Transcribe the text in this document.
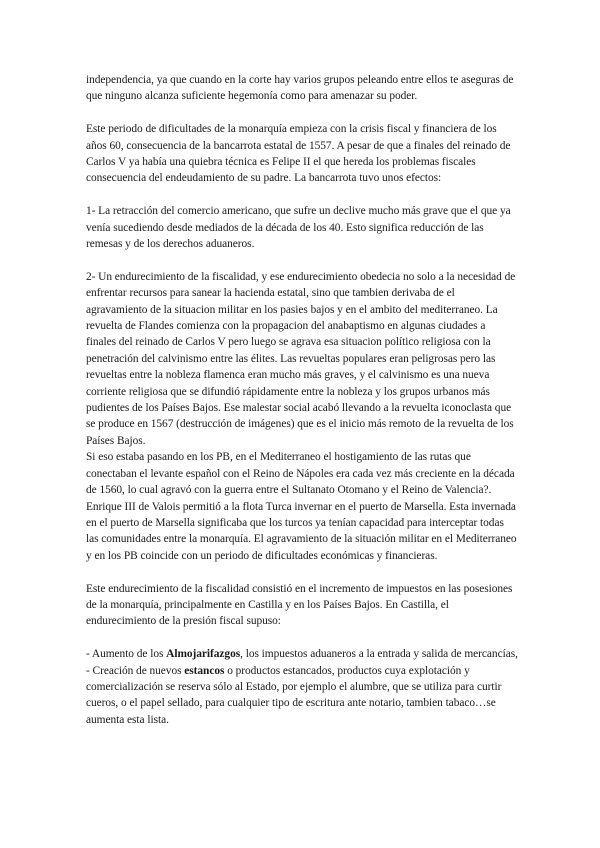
independencia, ya que cuando en la corte hay varios grupos peleando entre ellos te aseguras de que ninguno alcanza suficiente hegemonía como para amenazar su poder.

Este periodo de dificultades de la monarquía empieza con la crisis fiscal y financiera de los años 60, consecuencia de la bancarrota estatal de 1557. A pesar de que a finales del reinado de Carlos V ya había una quiebra técnica es Felipe II el que hereda los problemas fiscales consecuencia del endeudamiento de su padre. La bancarrota tuvo unos efectos:

1- La retracción del comercio americano, que sufre un declive mucho más grave que el que ya venía sucediendo desde mediados de la década de los 40. Esto significa reducción de las remesas y de los derechos aduaneros.

2- Un endurecimiento de la fiscalidad, y ese endurecimiento obedecia no solo a la necesidad de enfrentar recursos para sanear la hacienda estatal, sino que tambien derivaba de el agravamiento de la situacion militar en los pasies bajos y en el ambito del mediterraneo. La revuelta de Flandes comienza con la propagacion del anabaptismo en algunas ciudades a finales del reinado de Carlos V pero luego se agrava esa situacion político religiosa con la penetración del calvinismo entre las élites. Las revueltas populares eran peligrosas pero las revueltas entre la nobleza flamenca eran mucho más graves, y el calvinismo es una nueva corriente religiosa que se difundió rápidamente entre la nobleza y los grupos urbanos más pudientes de los Países Bajos. Ese malestar social acabó llevando a la revuelta iconoclasta que se produce en 1567 (destrucción de imágenes) que es el inicio más remoto de la revuelta de los Países Bajos.

Si eso estaba pasando en los PB, en el Mediterraneo el hostigamiento de las rutas que conectaban el levante español con el Reino de Nápoles era cada vez más creciente en la década de 1560, lo cual agravó con la guerra entre el Sultanato Otomano y el Reino de Valencia?. Enrique III de Valois permitió a la flota Turca invernar en el puerto de Marsella. Esta invernada en el puerto de Marsella significaba que los turcos ya tenían capacidad para interceptar todas las comunidades entre la monarquía. El agravamiento de la situación militar en el Mediterraneo y en los PB coincide con un periodo de dificultades económicas y financieras.

Este endurecimiento de la fiscalidad consistió en el incremento de impuestos en las posesiones de la monarquía, principalmente en Castilla y en los Países Bajos. En Castilla, el endurecimiento de la presión fiscal supuso:

- Aumento de los Almojarifazgos, los impuestos aduaneros a la entrada y salida de mercancías,

- Creación de nuevos estancos o productos estancados, productos cuya explotación y comercialización se reserva sólo al Estado, por ejemplo el alumbre, que se utiliza para curtir cueros, o el papel sellado, para cualquier tipo de escritura ante notario, tambien tabaco…se aumenta esta lista.
